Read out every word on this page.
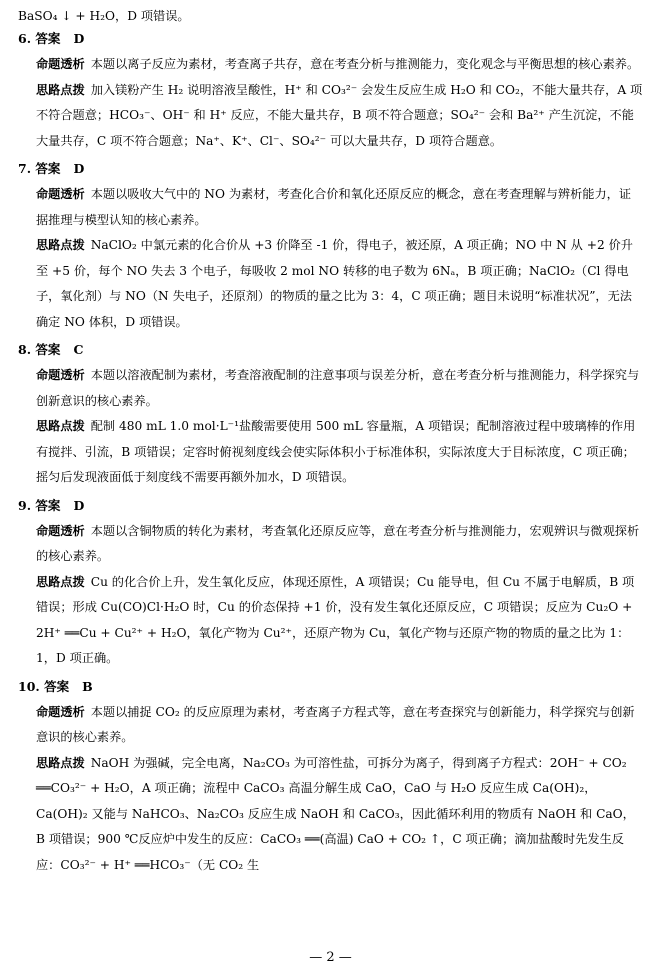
BaSO₄ ↓ + H₂O，D 项错误。
6. 答案 D

命题透析 本题以离子反应为素材，考查离子共存，意在考查分析与推测能力，变化观念与平衡思想的核心素养。

思路点拨 加入镁粉产生 H₂ 说明溶液呈酸性，H⁺ 和 CO₃²⁻ 会发生反应生成 H₂O 和 CO₂，不能大量共存，A 项不符合题意；HCO₃⁻、OH⁻ 和 H⁺ 反应，不能大量共存，B 项不符合题意；SO₄²⁻ 会和 Ba²⁺ 产生沉淀，不能大量共存，C 项不符合题意；Na⁺、K⁺、Cl⁻、SO₄²⁻ 可以大量共存，D 项符合题意。

7. 答案 D

命题透析 本题以吸收大气中的 NO 为素材，考查化合价和氧化还原反应的概念，意在考查理解与辨析能力，证据推理与模型认知的核心素养。

思路点拨 NaClO₂ 中氯元素的化合价从 +3 价降至 -1 价，得电子，被还原，A 项正确；NO 中 N 从 +2 价升至 +5 价，每个 NO 失去 3 个电子，每吸收 2 mol NO 转移的电子数为 6Nₐ，B 项正确；NaClO₂（Cl 得电子，氧化剂）与 NO（N 失电子，还原剂）的物质的量之比为 3：4，C 项正确；题目未说明“标准状况”，无法确定 NO 体积，D 项错误。

8. 答案 C

命题透析 本题以溶液配制为素材，考查溶液配制的注意事项与误差分析，意在考查分析与推测能力，科学探究与创新意识的核心素养。

思路点拨 配制 480 mL 1.0 mol·L⁻¹盐酸需要使用 500 mL 容量瓶，A 项错误；配制溶液过程中玻璃棒的作用有搅拌、引流，B 项错误；定容时俯视刻度线会使实际体积小于标准体积，实际浓度大于目标浓度，C 项正确；摇匀后发现液面低于刻度线不需要再额外加水，D 项错误。

9. 答案 D

命题透析 本题以含铜物质的转化为素材，考查氧化还原反应等，意在考查分析与推测能力，宏观辨识与微观探析的核心素养。

思路点拨 Cu 的化合价上升，发生氧化反应，体现还原性，A 项错误；Cu 能导电，但 Cu 不属于电解质，B 项错误；形成 Cu(CO)Cl·H₂O 时，Cu 的价态保持 +1 价，没有发生氧化还原反应，C 项错误；反应为 Cu₂O + 2H⁺ ══Cu + Cu²⁺ + H₂O，氧化产物为 Cu²⁺，还原产物为 Cu，氧化产物与还原产物的物质的量之比为 1：1，D 项正确。

10. 答案 B

命题透析 本题以捕捉 CO₂ 的反应原理为素材，考查离子方程式等，意在考查探究与创新能力，科学探究与创新意识的核心素养。

思路点拨 NaOH 为强碱，完全电离，Na₂CO₃ 为可溶性盐，可拆分为离子，得到离子方程式：2OH⁻ + CO₂ ══CO₃²⁻ + H₂O，A 项正确；流程中 CaCO₃ 高温分解生成 CaO，CaO 与 H₂O 反应生成 Ca(OH)₂，Ca(OH)₂ 又能与 NaHCO₃、Na₂CO₃ 反应生成 NaOH 和 CaCO₃，因此循环利用的物质有 NaOH 和 CaO，B 项错误；900 ℃反应炉中发生的反应：CaCO₃ ══(高温) CaO + CO₂ ↑，C 项正确；滴加盐酸时先发生反应：CO₃²⁻ + H⁺ ══HCO₃⁻（无 CO₂ 生

— 2 —
